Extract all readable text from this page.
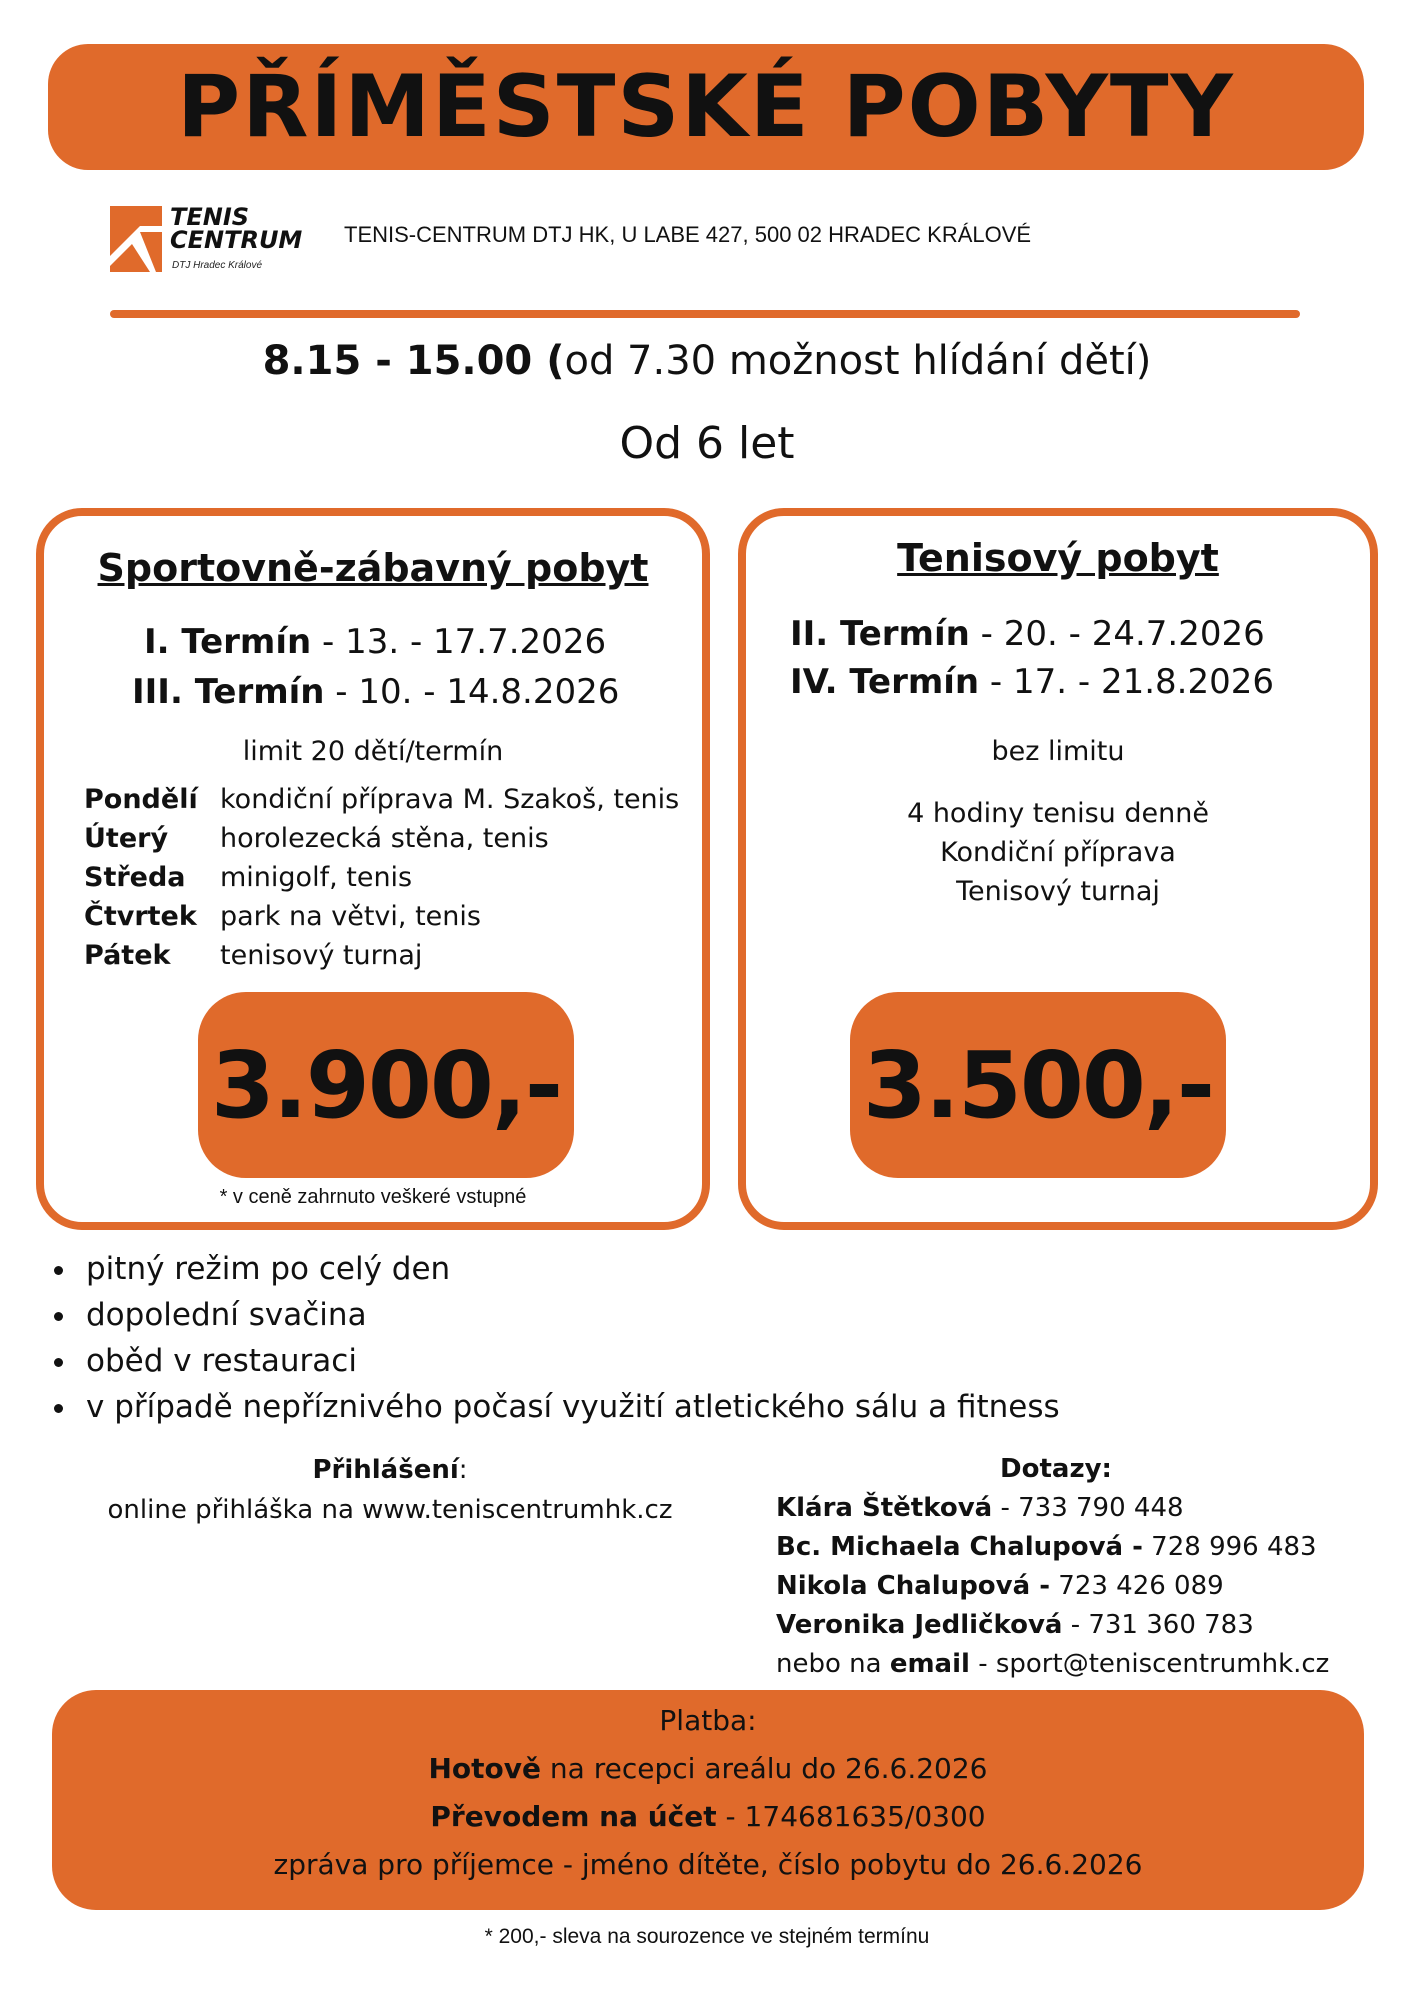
PŘÍMĚSTSKÉ POBYTY
TENIS
CENTRUM
DTJ Hradec Králové
TENIS-CENTRUM DTJ HK, U LABE 427, 500 02 HRADEC KRÁLOVÉ
8.15 - 15.00 (od 7.30 možnost hlídání dětí)
Od 6 let
Sportovně-zábavný pobyt
I. Termín - 13. - 17.7.2026
III. Termín - 10. - 14.8.2026
limit 20 dětí/termín
Pondělí kondiční příprava M. Szakoš, tenis
Úterý horolezecká stěna, tenis
Středa minigolf, tenis
Čtvrtek park na větvi, tenis
Pátek tenisový turnaj
3.900,-
* v ceně zahrnuto veškeré vstupné
Tenisový pobyt
II. Termín - 20. - 24.7.2026
IV. Termín - 17. - 21.8.2026
bez limitu
4 hodiny tenisu denně
Kondiční příprava
Tenisový turnaj
3.500,-
pitný režim po celý den
dopolední svačina
oběd v restauraci
v případě nepříznivého počasí využití atletického sálu a fitness
Přihlášení:
online přihláška na www.teniscentrumhk.cz
Dotazy:
Klára Štětková - 733 790 448
Bc. Michaela Chalupová - 728 996 483
Nikola Chalupová - 723 426 089
Veronika Jedličková - 731 360 783
nebo na email - sport@teniscentrumhk.cz
Platba:
Hotově na recepci areálu do 26.6.2026
Převodem na účet - 174681635/0300
zpráva pro příjemce - jméno dítěte, číslo pobytu do 26.6.2026
* 200,- sleva na sourozence ve stejném termínu
